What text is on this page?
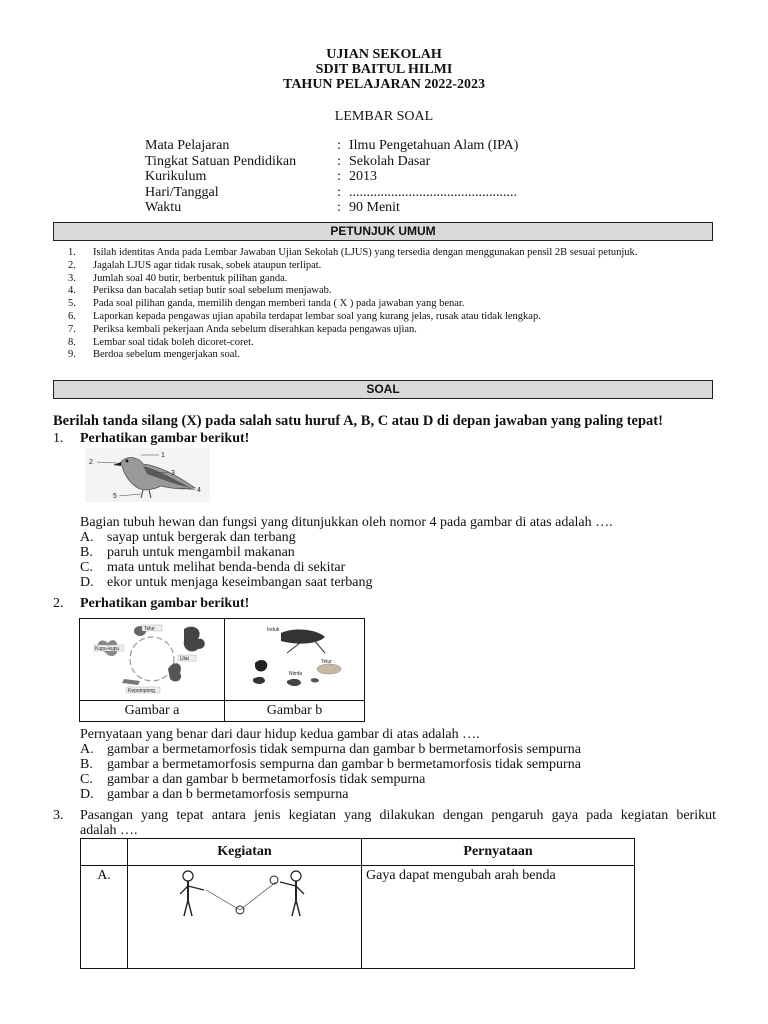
UJIAN SEKOLAH
SDIT BAITUL HILMI
TAHUN PELAJARAN 2022-2023
LEMBAR SOAL
Mata Pelajaran	: Ilmu Pengetahuan Alam (IPA)
Tingkat Satuan Pendidikan	: Sekolah Dasar
Kurikulum	: 2013
Hari/Tanggal	: ................................................
Waktu	: 90 Menit
PETUNJUK UMUM
1.	Isilah identitas Anda pada Lembar Jawaban Ujian Sekolah (LJUS) yang tersedia dengan menggunakan pensil 2B sesuai petunjuk.
2.	Jagalah LJUS agar tidak rusak, sobek ataupun terlipat.
3.	Jumlah soal 40 butir, berbentuk pilihan ganda.
4.	Periksa dan bacalah setiap butir soal sebelum menjawab.
5.	Pada soal pilihan ganda, memilih dengan memberi tanda ( X ) pada jawaban yang benar.
6.	Laporkan kepada pengawas ujian apabila terdapat lembar soal yang kurang jelas, rusak atau tidak lengkap.
7.	Periksa kembali pekerjaan Anda sebelum diserahkan kepada pengawas ujian.
8.	Lembar soal tidak boleh dicoret-coret.
9.	Berdoa sebelum mengerjakan soal.
SOAL
Berilah tanda silang (X) pada salah satu huruf A, B, C atau D di depan jawaban yang paling tepat!
1. Perhatikan gambar berikut!
1
2
3
4
5
Bagian tubuh hewan dan fungsi yang ditunjukkan oleh nomor 4 pada gambar di atas adalah ….
A. sayap untuk bergerak dan terbang
B.	paruh untuk mengambil makanan
C.	mata untuk melihat benda-benda di sekitar
D. ekor untuk menjaga keseimbangan saat terbang
2. Perhatikan gambar berikut!
Telur
Kupu-kupu
Ulat
Kepompong	Induk
Telur
Nimfa

Gambar a	Gambar b
Pernyataan yang benar dari daur hidup kedua gambar di atas adalah ….
A. gambar a bermetamorfosis tidak sempurna dan gambar b bermetamorfosis sempurna
B.	gambar a bermetamorfosis sempurna dan gambar b bermetamorfosis tidak sempurna
C.	gambar a dan gambar b bermetamorfosis tidak sempurna
D. gambar a dan b bermetamorfosis sempurna
3. Pasangan yang tepat antara jenis kegiatan yang dilakukan dengan pengaruh gaya pada kegiatan berikut
adalah ….
	Kegiatan	Pernyataan
A.		Gaya dapat mengubah arah benda
